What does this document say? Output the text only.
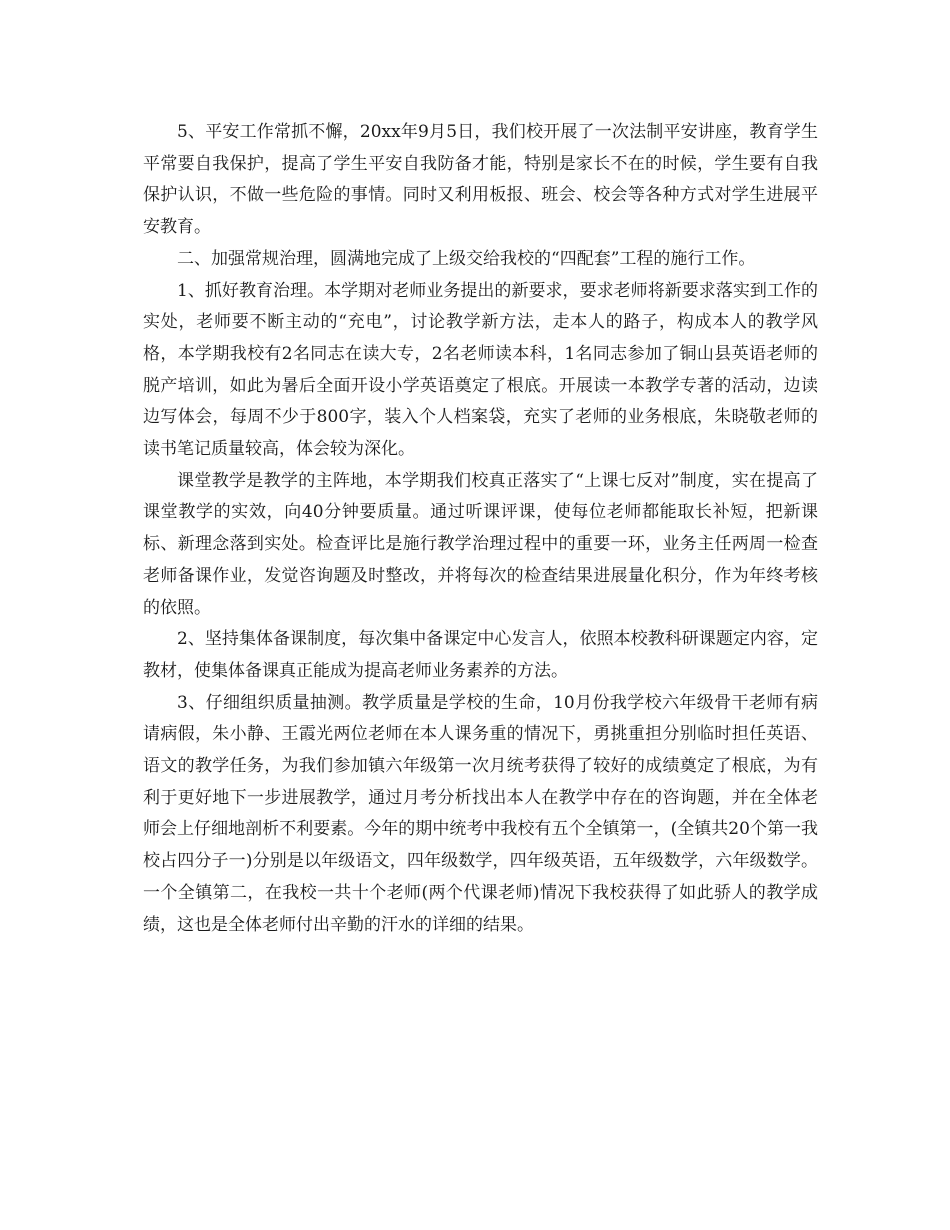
5、平安工作常抓不懈，20xx年9月5日，我们校开展了一次法制平安讲座，教育学生平常要自我保护，提高了学生平安自我防备才能，特别是家长不在的时候，学生要有自我保护认识，不做一些危险的事情。同时又利用板报、班会、校会等各种方式对学生进展平安教育。

二、加强常规治理，圆满地完成了上级交给我校的“四配套”工程的施行工作。

1、抓好教育治理。本学期对老师业务提出的新要求，要求老师将新要求落实到工作的实处，老师要不断主动的“充电”，讨论教学新方法，走本人的路子，构成本人的教学风格，本学期我校有2名同志在读大专，2名老师读本科，1名同志参加了铜山县英语老师的脱产培训，如此为暑后全面开设小学英语奠定了根底。开展读一本教学专著的活动，边读边写体会，每周不少于800字，装入个人档案袋，充实了老师的业务根底，朱晓敬老师的读书笔记质量较高，体会较为深化。

课堂教学是教学的主阵地，本学期我们校真正落实了“上课七反对”制度，实在提高了课堂教学的实效，向40分钟要质量。通过听课评课，使每位老师都能取长补短，把新课标、新理念落到实处。检查评比是施行教学治理过程中的重要一环，业务主任两周一检查老师备课作业，发觉咨询题及时整改，并将每次的检查结果进展量化积分，作为年终考核的依照。

2、坚持集体备课制度，每次集中备课定中心发言人，依照本校教科研课题定内容，定教材，使集体备课真正能成为提高老师业务素养的方法。

3、仔细组织质量抽测。教学质量是学校的生命，10月份我学校六年级骨干老师有病请病假，朱小静、王霞光两位老师在本人课务重的情况下，勇挑重担分别临时担任英语、语文的教学任务，为我们参加镇六年级第一次月统考获得了较好的成绩奠定了根底，为有利于更好地下一步进展教学，通过月考分析找出本人在教学中存在的咨询题，并在全体老师会上仔细地剖析不利要素。今年的期中统考中我校有五个全镇第一，(全镇共20个第一我校占四分子一)分别是以年级语文，四年级数学，四年级英语，五年级数学，六年级数学。一个全镇第二，在我校一共十个老师(两个代课老师)情况下我校获得了如此骄人的教学成绩，这也是全体老师付出辛勤的汗水的详细的结果。
